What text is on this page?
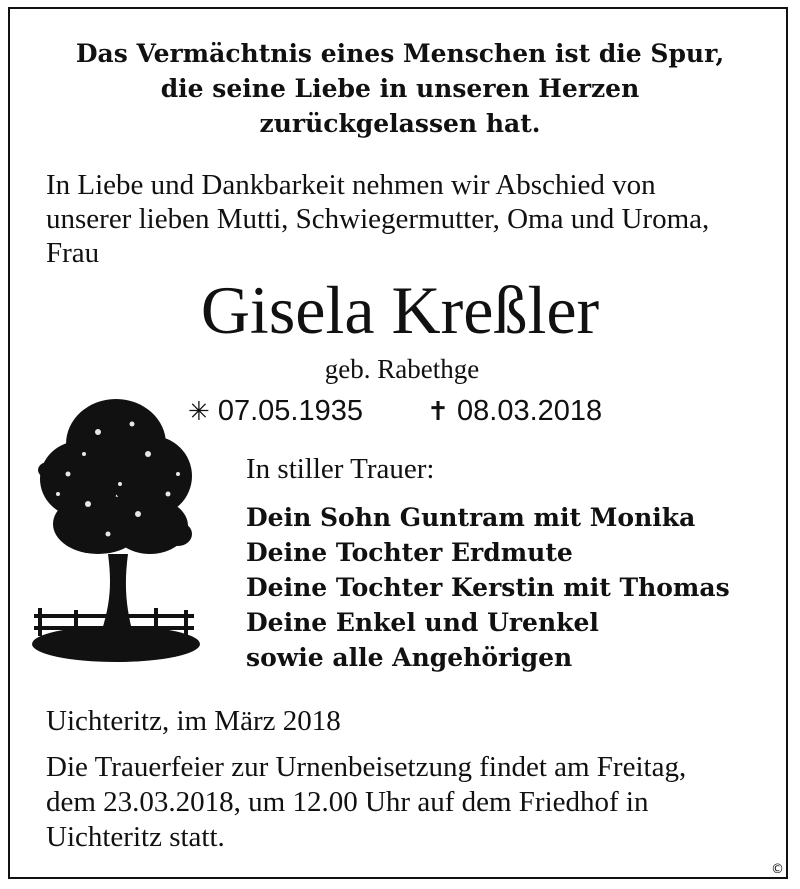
Das Vermächtnis eines Menschen ist die Spur,
die seine Liebe in unseren Herzen
zurückgelassen hat.
In Liebe und Dankbarkeit nehmen wir Abschied von
unserer lieben Mutti, Schwiegermutter, Oma und Uroma,
Frau
Gisela Kreßler
geb. Rabethge
✳ 07.05.1935 ✝ 08.03.2018
In stiller Trauer:
Dein Sohn Guntram mit Monika
Deine Tochter Erdmute
Deine Tochter Kerstin mit Thomas
Deine Enkel und Urenkel
sowie alle Angehörigen
Uichteritz, im März 2018
Die Trauerfeier zur Urnenbeisetzung findet am Freitag,
dem 23.03.2018, um 12.00 Uhr auf dem Friedhof in
Uichteritz statt.
©
